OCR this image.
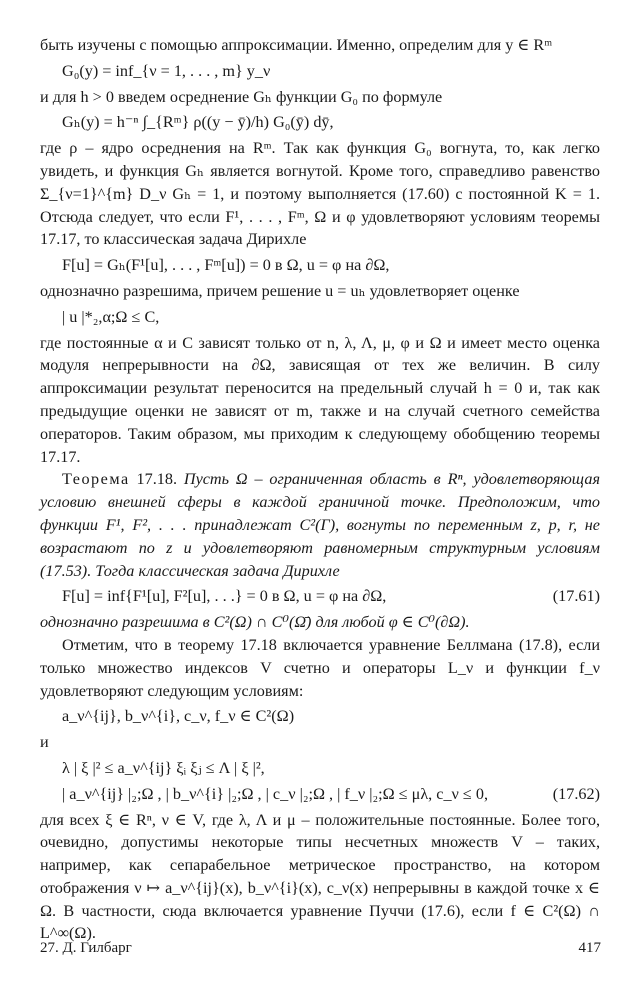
быть изучены с помощью аппроксимации. Именно, определим для y ∈ Rᵐ

G₀(y) = inf_{ν = 1, . . . , m} y_ν

и для h > 0 введем осреднение Gₕ функции G₀ по формуле

Gₕ(y) = h⁻ⁿ ∫_{Rᵐ} ρ((y − ȳ)/h) G₀(ȳ) dȳ,

где ρ – ядро осреднения на Rᵐ. Так как функция G₀ вогнута, то, как легко увидеть, и функция Gₕ является вогнутой. Кроме того, справедливо равенство Σ_{ν=1}^{m} D_ν Gₕ = 1, и поэтому выполняется (17.60) с постоянной K = 1. Отсюда следует, что если F¹, . . . , Fᵐ, Ω и φ удовлетворяют условиям теоремы 17.17, то классическая задача Дирихле

F[u] = Gₕ(F¹[u], . . . , Fᵐ[u]) = 0 в Ω, u = φ на ∂Ω,

однозначно разрешима, причем решение u = uₕ удовлетворяет оценке

| u |*₂,α;Ω ≤ C,

где постоянные α и C зависят только от n, λ, Λ, μ, φ и Ω и имеет место оценка модуля непрерывности на ∂Ω, зависящая от тех же величин. В силу аппроксимации результат переносится на предельный случай h = 0 и, так как предыдущие оценки не зависят от m, также и на случай счетного семейства операторов. Таким образом, мы приходим к следующему обобщению теоремы 17.17.

Теорема 17.18. Пусть Ω – ограниченная область в Rⁿ, удовлетворяющая условию внешней сферы в каждой граничной точке. Предположим, что функции F¹, F², . . . принадлежат C²(Γ), вогнуты по переменным z, p, r, не возрастают по z и удовлетворяют равномерным структурным условиям (17.53). Тогда классическая задача Дирихле

F[u] = inf{F¹[u], F²[u], . . .} = 0 в Ω, u = φ на ∂Ω,	(17.61)

однозначно разрешима в C²(Ω) ∩ C⁰(Ω̄) для любой φ ∈ C⁰(∂Ω).

Отметим, что в теорему 17.18 включается уравнение Беллмана (17.8), если только множество индексов V счетно и операторы L_ν и функции f_ν удовлетворяют следующим условиям:

a_ν^{ij}, b_ν^{i}, c_ν, f_ν ∈ C²(Ω)

и

λ | ξ |² ≤ a_ν^{ij} ξᵢ ξⱼ ≤ Λ | ξ |²,
| a_ν^{ij} |₂;Ω , | b_ν^{i} |₂;Ω , | c_ν |₂;Ω , | f_ν |₂;Ω ≤ μλ, c_ν ≤ 0,	(17.62)

для всех ξ ∈ Rⁿ, ν ∈ V, где λ, Λ и μ – положительные постоянные. Более того, очевидно, допустимы некоторые типы несчетных множеств V – таких, например, как сепарабельное метрическое пространство, на котором отображения ν ↦ a_ν^{ij}(x), b_ν^{i}(x), c_ν(x) непрерывны в каждой точке x ∈ Ω. В частности, сюда включается уравнение Пуччи (17.6), если f ∈ C²(Ω) ∩ L^∞(Ω).

27. Д. Гилбарг	417
